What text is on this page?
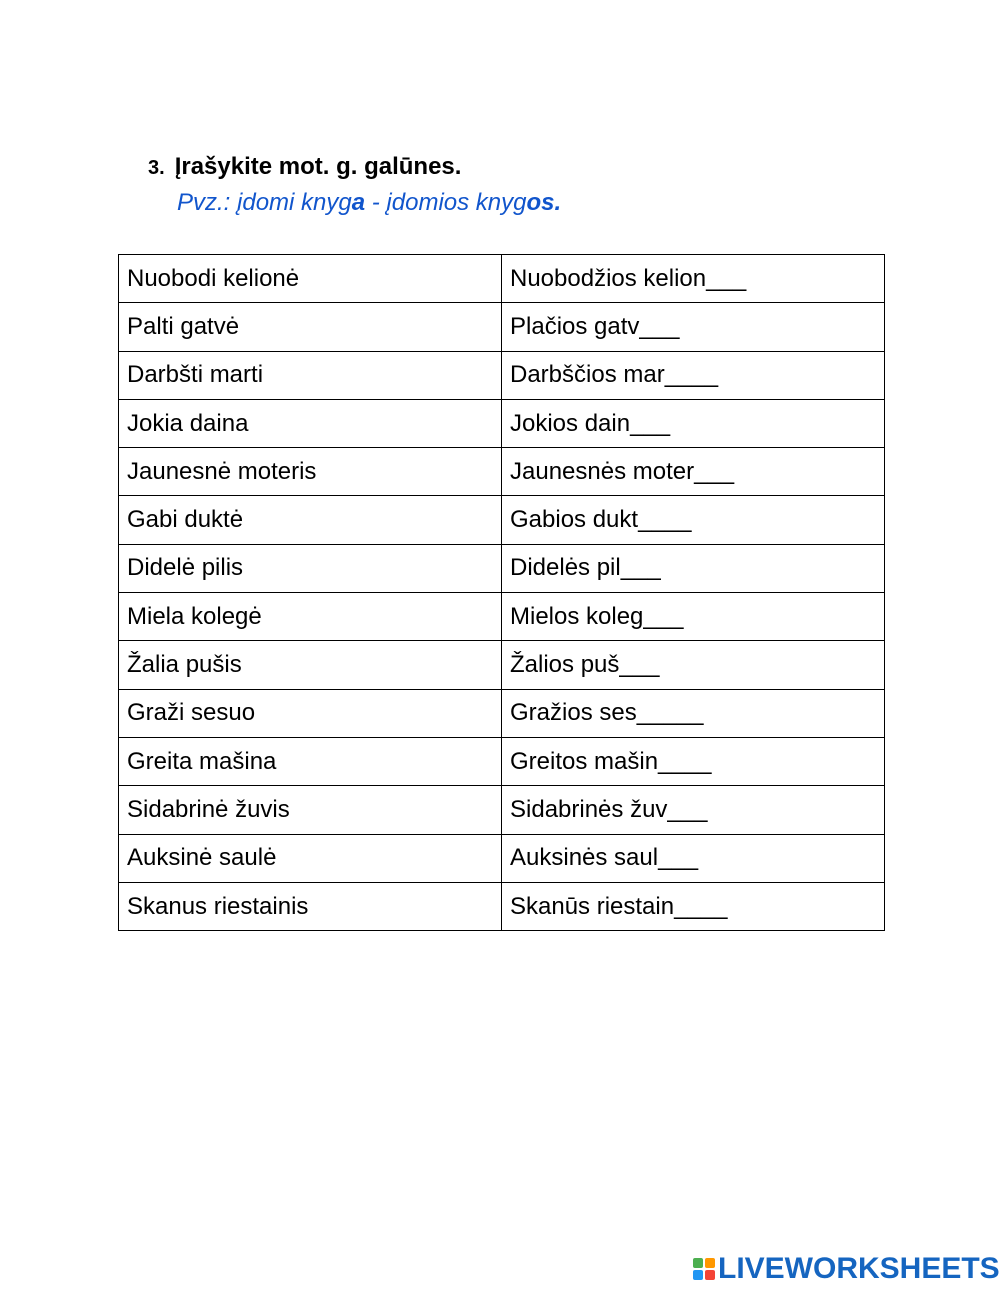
3. Įrašykite mot. g. galūnes.
Pvz.: įdomi knyga - įdomios knygos.
Nuobodi kelionė	Nuobodžios kelion___
Palti gatvė	Plačios gatv___
Darbšti marti	Darbščios mar____
Jokia daina	Jokios dain___
Jaunesnė moteris	Jaunesnės moter___
Gabi duktė	Gabios dukt____
Didelė pilis	Didelės pil___
Miela kolegė	Mielos koleg___
Žalia pušis	Žalios puš___
Graži sesuo	Gražios ses_____
Greita mašina	Greitos mašin____
Sidabrinė žuvis	Sidabrinės žuv___
Auksinė saulė	Auksinės saul___
Skanus riestainis	Skanūs riestain____
LIVEWORKSHEETS
